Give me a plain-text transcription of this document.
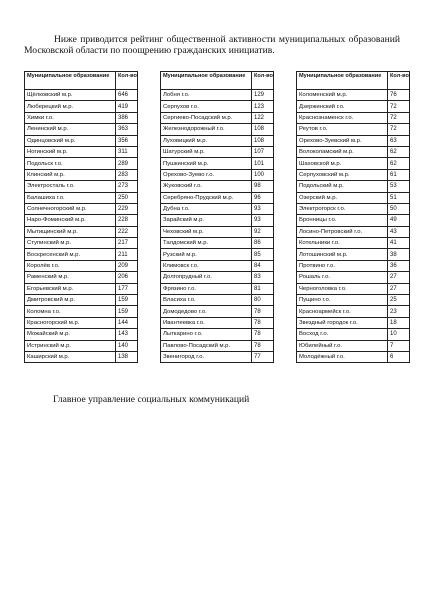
Ниже приводится рейтинг общественной активности муниципальных образований Московской области по поощрению гражданских инициатив.

Муниципальное образование	Кол-во
Щёлковский м.р.	646
Люберецкий м.р.	419
Химки г.о.	386
Ленинский м.р.	363
Одинцовский м.р.	356
Ногинский м.р.	311
Подольск г.о.	289
Клинский м.р.	283
Электросталь г.о.	273
Балашиха г.о.	250
Солнечногорский м.р.	229
Наро-Фоминский м.р.	228
Мытищинский м.р.	222
Ступинский м.р.	217
Воскресенский м.р.	211
Королёв г.о.	209
Раменский м.р.	206
Егорьевский м.р.	177
Дмитровский м.р.	159
Коломна г.о.	159
Красногорский м.р.	144
Можайский м.р.	143
Истринский м.р.	140
Каширский м.р.	138
Муниципальное образование	Кол-во
Лобня г.о.	129
Серпухов г.о.	123
Сергиево-Посадский м.р.	122
Железнодорожный г.о.	108
Луховицкий м.р.	108
Шатурский м.р.	107
Пушкинский м.р.	101
Орехово-Зуево г.о.	100
Жуковский г.о.	98
Серебряно-Прудский м.р.	96
Дубна г.о.	93
Зарайский м.р.	93
Чеховский м.р.	92
Талдомский м.р.	86
Рузский м.р.	85
Климовск г.о.	84
Долгопрудный г.о.	83
Фрязино г.о.	81
Власиха г.о.	80
Домодедово г.о.	78
Ивантеевка г.о.	78
Лыткарино г.о.	78
Павлово-Посадский м.р.	78
Звенигород г.о.	77
Муниципальное образование	Кол-во
Коломенский м.р.	76
Дзержинский г.о.	72
Краснознаменск г.о.	72
Реутов г.о.	72
Орехово-Зуевский м.р.	63
Волоколамский м.р.	62
Шаховской м.р.	62
Серпуховский м.р.	61
Подольский м.р.	53
Озерский м.р.	51
Электрогорск г.о.	50
Бронницы г.о.	49
Лосино-Петровский г.о.	43
Котельники г.о.	41
Лотошинский м.р.	38
Протвино г.о.	36
Рошаль г.о.	27
Черноголовка г.о.	27
Пущино г.о.	25
Красноармейск г.о.	23
Звездный городок г.о.	18
Восход г.о.	10
Юбилейный г.о.	7
Молодёжный г.о.	6

Главное управление социальных коммуникаций
